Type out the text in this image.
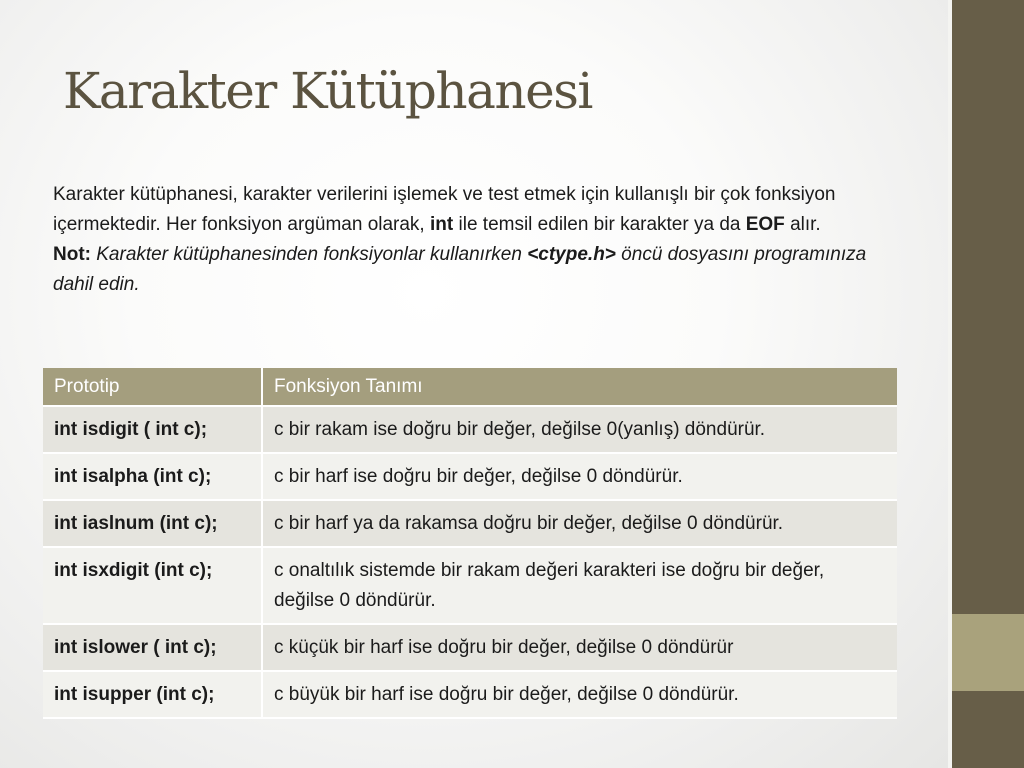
Karakter Kütüphanesi

Karakter kütüphanesi, karakter verilerini işlemek ve test etmek için kullanışlı bir çok fonksiyon içermektedir. Her fonksiyon argüman olarak, int ile temsil edilen bir karakter ya da EOF alır.

Not: Karakter kütüphanesinden fonksiyonlar kullanırken <ctype.h> öncü dosyasını programınıza dahil edin.

Prototip	Fonksiyon Tanımı
int isdigit ( int c);	c bir rakam ise doğru bir değer, değilse 0(yanlış) döndürür.
int isalpha (int c);	c bir harf ise doğru bir değer, değilse 0 döndürür.
int iaslnum (int c);	c bir harf ya da rakamsa doğru bir değer, değilse 0 döndürür.
int isxdigit (int c);	c onaltılık sistemde bir rakam değeri karakteri ise doğru bir değer, değilse 0 döndürür.
int islower ( int c);	c küçük bir harf ise doğru bir değer, değilse 0 döndürür
int isupper (int c);	c büyük bir harf ise doğru bir değer, değilse 0 döndürür.
